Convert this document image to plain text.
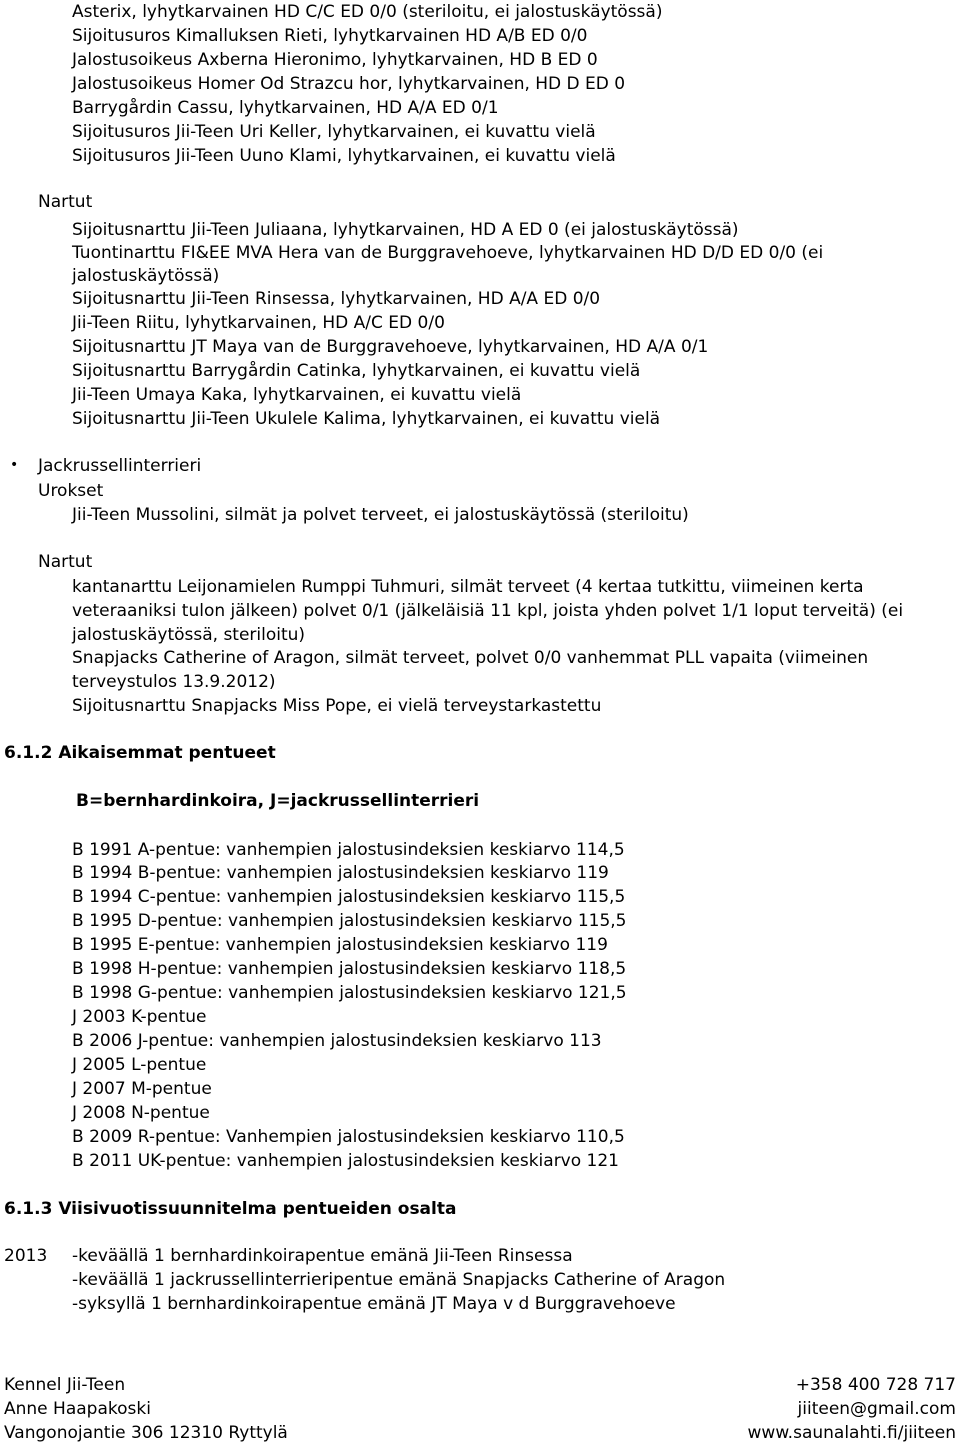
Asterix, lyhytkarvainen HD C/C ED 0/0 (steriloitu, ei jalostuskäytössä)
Sijoitusuros Kimalluksen Rieti, lyhytkarvainen HD A/B ED 0/0
Jalostusoikeus Axberna Hieronimo, lyhytkarvainen, HD B ED 0
Jalostusoikeus Homer Od Strazcu hor, lyhytkarvainen, HD D ED 0
Barrygårdin Cassu, lyhytkarvainen, HD A/A ED 0/1
Sijoitusuros Jii-Teen Uri Keller, lyhytkarvainen, ei kuvattu vielä
Sijoitusuros Jii-Teen Uuno Klami, lyhytkarvainen, ei kuvattu vielä
Nartut
Sijoitusnarttu Jii-Teen Juliaana, lyhytkarvainen, HD A ED 0 (ei jalostuskäytössä)
Tuontinarttu FI&EE MVA Hera van de Burggravehoeve, lyhytkarvainen HD D/D ED 0/0 (ei
jalostuskäytössä)
Sijoitusnarttu Jii-Teen Rinsessa, lyhytkarvainen, HD A/A ED 0/0
Jii-Teen Riitu, lyhytkarvainen, HD A/C ED 0/0
Sijoitusnarttu JT Maya van de Burggravehoeve, lyhytkarvainen, HD A/A 0/1
Sijoitusnarttu Barrygårdin Catinka, lyhytkarvainen, ei kuvattu vielä
Jii-Teen Umaya Kaka, lyhytkarvainen, ei kuvattu vielä
Sijoitusnarttu Jii-Teen Ukulele Kalima, lyhytkarvainen, ei kuvattu vielä
• Jackrussellinterrieri
Urokset
Jii-Teen Mussolini, silmät ja polvet terveet, ei jalostuskäytössä (steriloitu)
Nartut
kantanarttu Leijonamielen Rumppi Tuhmuri, silmät terveet (4 kertaa tutkittu, viimeinen kerta
veteraaniksi tulon jälkeen) polvet 0/1 (jälkeläisiä 11 kpl, joista yhden polvet 1/1 loput terveitä) (ei
jalostuskäytössä, steriloitu)
Snapjacks Catherine of Aragon, silmät terveet, polvet 0/0 vanhemmat PLL vapaita (viimeinen
terveystulos 13.9.2012)
Sijoitusnarttu Snapjacks Miss Pope, ei vielä terveystarkastettu
6.1.2 Aikaisemmat pentueet
B=bernhardinkoira, J=jackrussellinterrieri
B 1991 A-pentue: vanhempien jalostusindeksien keskiarvo 114,5
B 1994 B-pentue: vanhempien jalostusindeksien keskiarvo 119
B 1994 C-pentue: vanhempien jalostusindeksien keskiarvo 115,5
B 1995 D-pentue: vanhempien jalostusindeksien keskiarvo 115,5
B 1995 E-pentue: vanhempien jalostusindeksien keskiarvo 119
B 1998 H-pentue: vanhempien jalostusindeksien keskiarvo 118,5
B 1998 G-pentue: vanhempien jalostusindeksien keskiarvo 121,5
J 2003 K-pentue
B 2006 J-pentue: vanhempien jalostusindeksien keskiarvo 113
J 2005 L-pentue
J 2007 M-pentue
J 2008 N-pentue
B 2009 R-pentue: Vanhempien jalostusindeksien keskiarvo 110,5
B 2011 UK-pentue: vanhempien jalostusindeksien keskiarvo 121
6.1.3 Viisivuotissuunnitelma pentueiden osalta
2013 -keväällä 1 bernhardinkoirapentue emänä Jii-Teen Rinsessa
-keväällä 1 jackrussellinterrieripentue emänä Snapjacks Catherine of Aragon
-syksyllä 1 bernhardinkoirapentue emänä JT Maya v d Burggravehoeve
Kennel Jii-Teen
Anne Haapakoski
Vangonojantie 306 12310 Ryttylä
+358 400 728 717
jiiteen@gmail.com
www.saunalahti.fi/jiiteen
